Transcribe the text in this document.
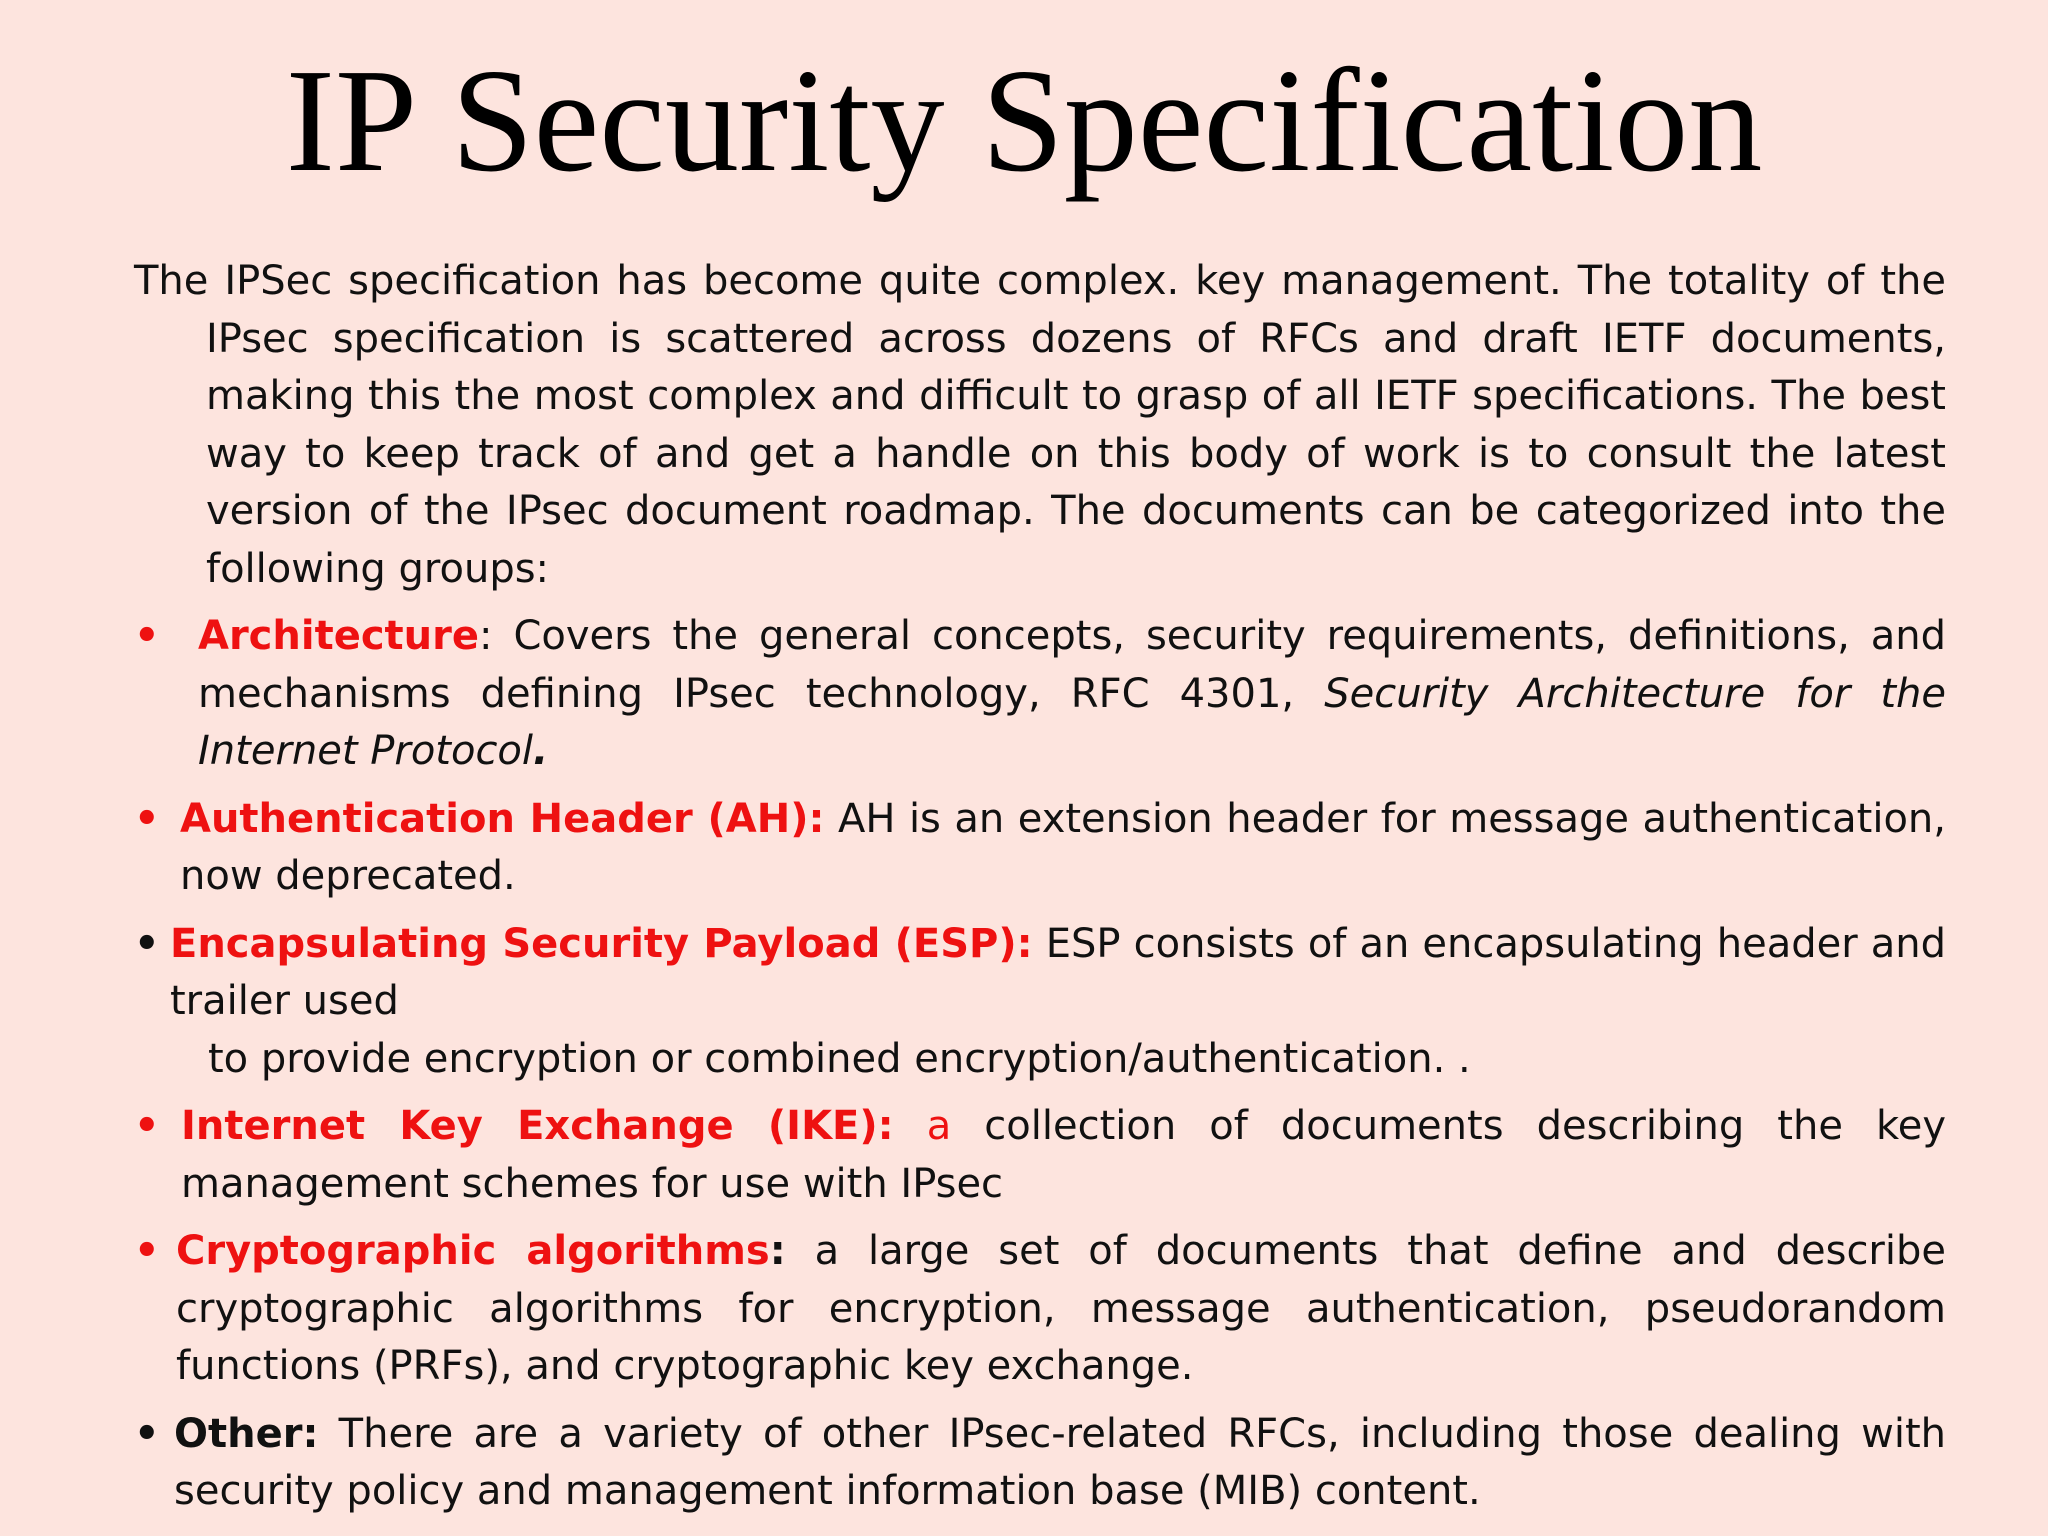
IP Security Specification

The IPSec specification has become quite complex. key management. The totality of the IPsec specification is scattered across dozens of RFCs and draft IETF documents, making this the most complex and difficult to grasp of all IETF specifications. The best way to keep track of and get a handle on this body of work is to consult the latest version of the IPsec document roadmap. The documents can be categorized into the following groups:

• Architecture: Covers the general concepts, security requirements, definitions, and mechanisms defining IPsec technology, RFC 4301, Security Architecture for the Internet Protocol.

• Authentication Header (AH): AH is an extension header for message authentication, now deprecated.

• Encapsulating Security Payload (ESP): ESP consists of an encapsulating header and trailer used
to provide encryption or combined encryption/authentication. .

• Internet Key Exchange (IKE): a collection of documents describing the key management schemes for use with IPsec

• Cryptographic algorithms: a large set of documents that define and describe cryptographic algorithms for encryption, message authentication, pseudorandom functions (PRFs), and cryptographic key exchange.

• Other: There are a variety of other IPsec-related RFCs, including those dealing with security policy and management information base (MIB) content.
